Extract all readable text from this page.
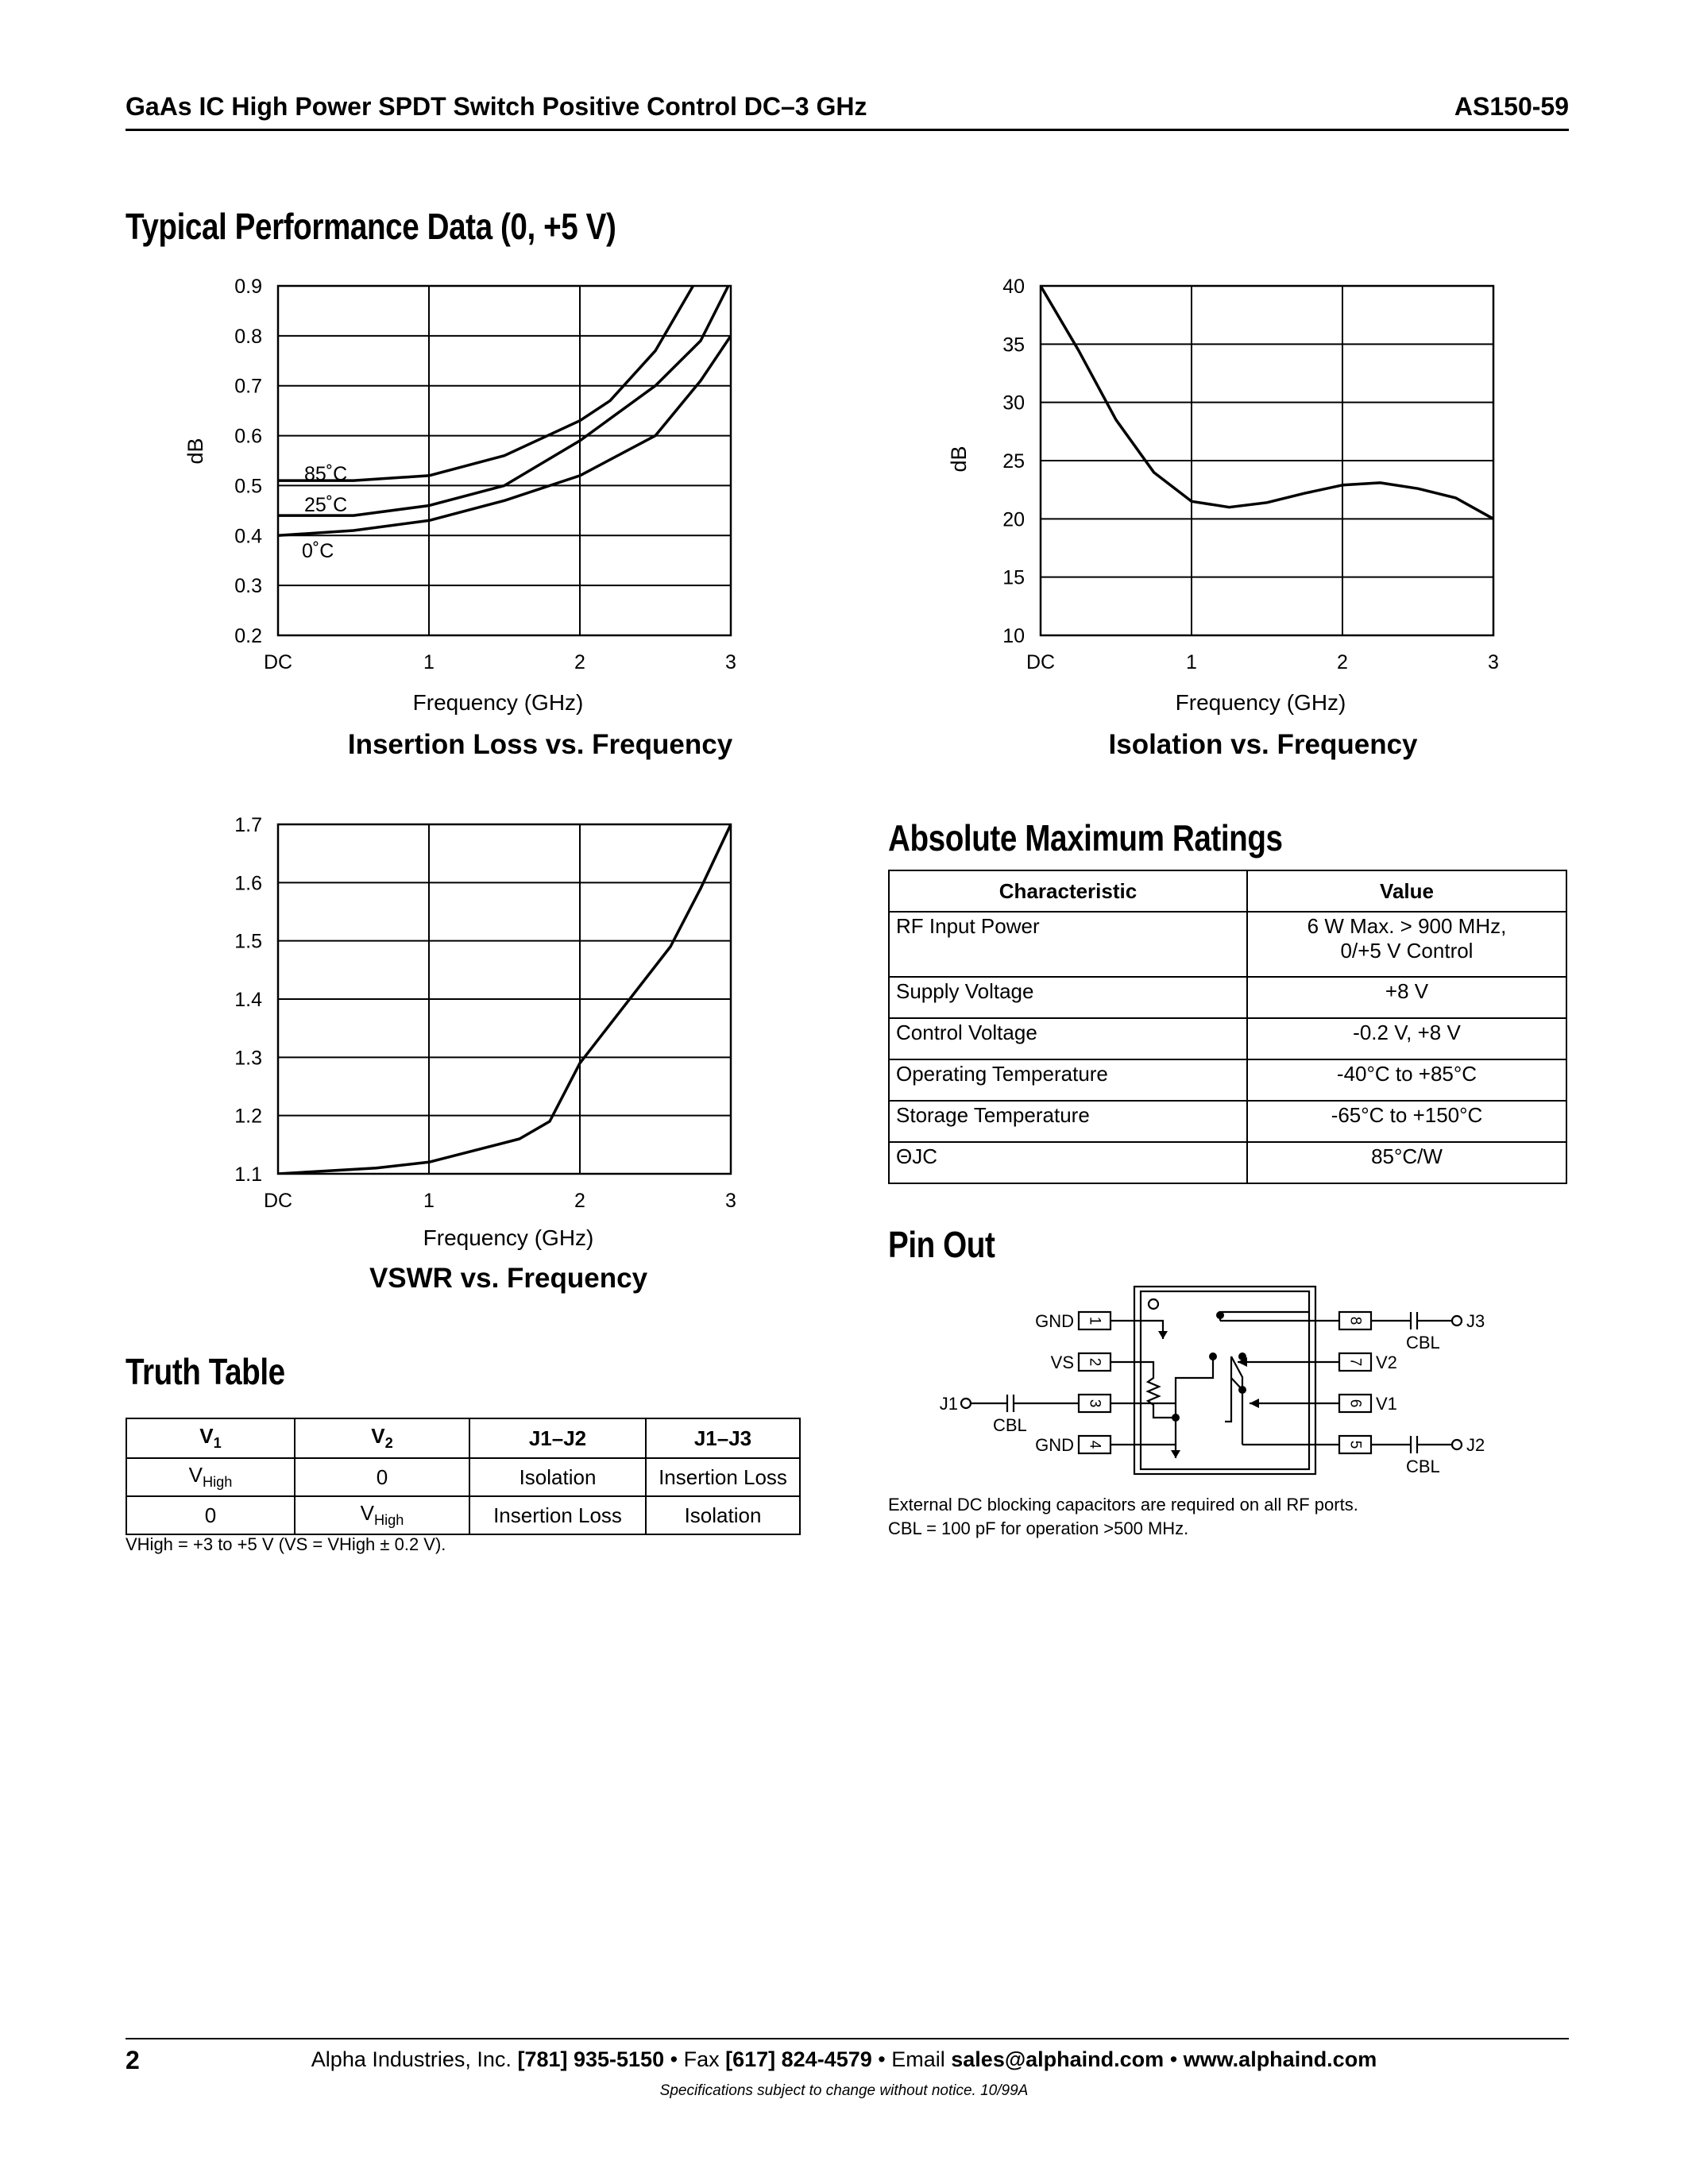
GaAs IC High Power SPDT Switch Positive Control DC–3 GHz	AS150-59
Typical Performance Data (0, +5 V)
0.2
0.3
0.4
0.5
0.6
0.7
0.8
0.9
DC	1	2	3
dB
85˚C
25˚C
0˚C
Frequency (GHz)
Insertion Loss vs. Frequency
10
15
20
25
30
35
40
DC	1	2	3
dB
Frequency (GHz)
Isolation vs. Frequency
1.1
1.2
1.3
1.4
1.5
1.6
1.7
DC	1	2	3
Frequency (GHz)
VSWR vs. Frequency
Truth Table
$V_1$	$V_2$	J1–J2	J1–J3
$V_{High}$	0	Isolation	Insertion Loss
0	$V_{High}$	Insertion Loss	Isolation
VHigh = +3 to +5 V (VS = VHigh ± 0.2 V).
Absolute Maximum Ratings
Characteristic	Value
RF Input Power	6 W Max. > 900 MHz,
0/+5 V Control

Supply Voltage	+8 V
Control Voltage	-0.2 V, +8 V
Operating Temperature	-40°C to +85°C
Storage Temperature	-65°C to +150°C
ΘJC	85°C/W
Pin Out
1
2
3
4	5
6
7
8
GND
VS
J1
GND
J3
V2
V1
J2
CBL
CBL
CBL
External DC blocking capacitors are required on all RF ports.
CBL = 100 pF for operation >500 MHz.
2	Alpha Industries, Inc. [781] 935-5150 • Fax [617] 824-4579 • Email sales@alphaind.com • www.alphaind.com
Specifications subject to change without notice. 10/99A
